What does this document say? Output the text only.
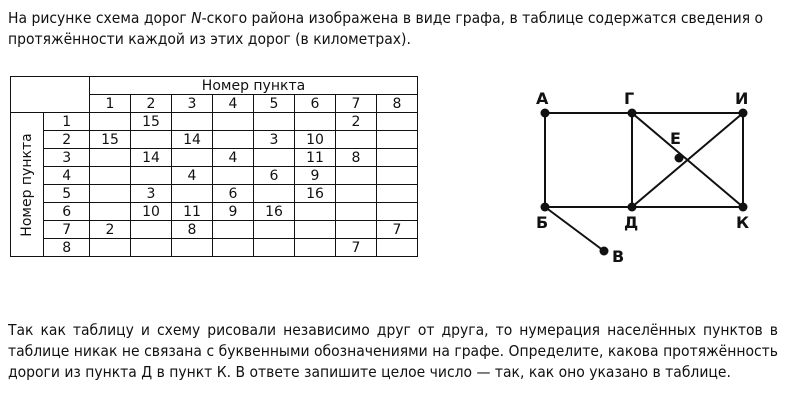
На рисунке схема дорог N-ского района изображена в виде графа, в таблице содержатся сведения о протяжённости каждой из этих дорог (в километрах).
		Номер пункта							
		1	2	3	4	5	6	7	8

Номер пункта	1		15					2	
	2	15		14		3	10		
	3		14		4		11	8	
	4			4		6	9		
	5		3		6		16		
	6		10	11	9	16			
	7	2		8					7
	8							7	
А	Г	И
Е
Б	Д	К
В

Так как таблицу и схему рисовали независимо друг от друга, то нумерация населённых пунктов в таблице никак не связана с буквенными обозначениями на графе. Определите, какова протяжённость дороги из пункта Д в пункт К. В ответе запишите целое число — так, как оно указано в таблице.
